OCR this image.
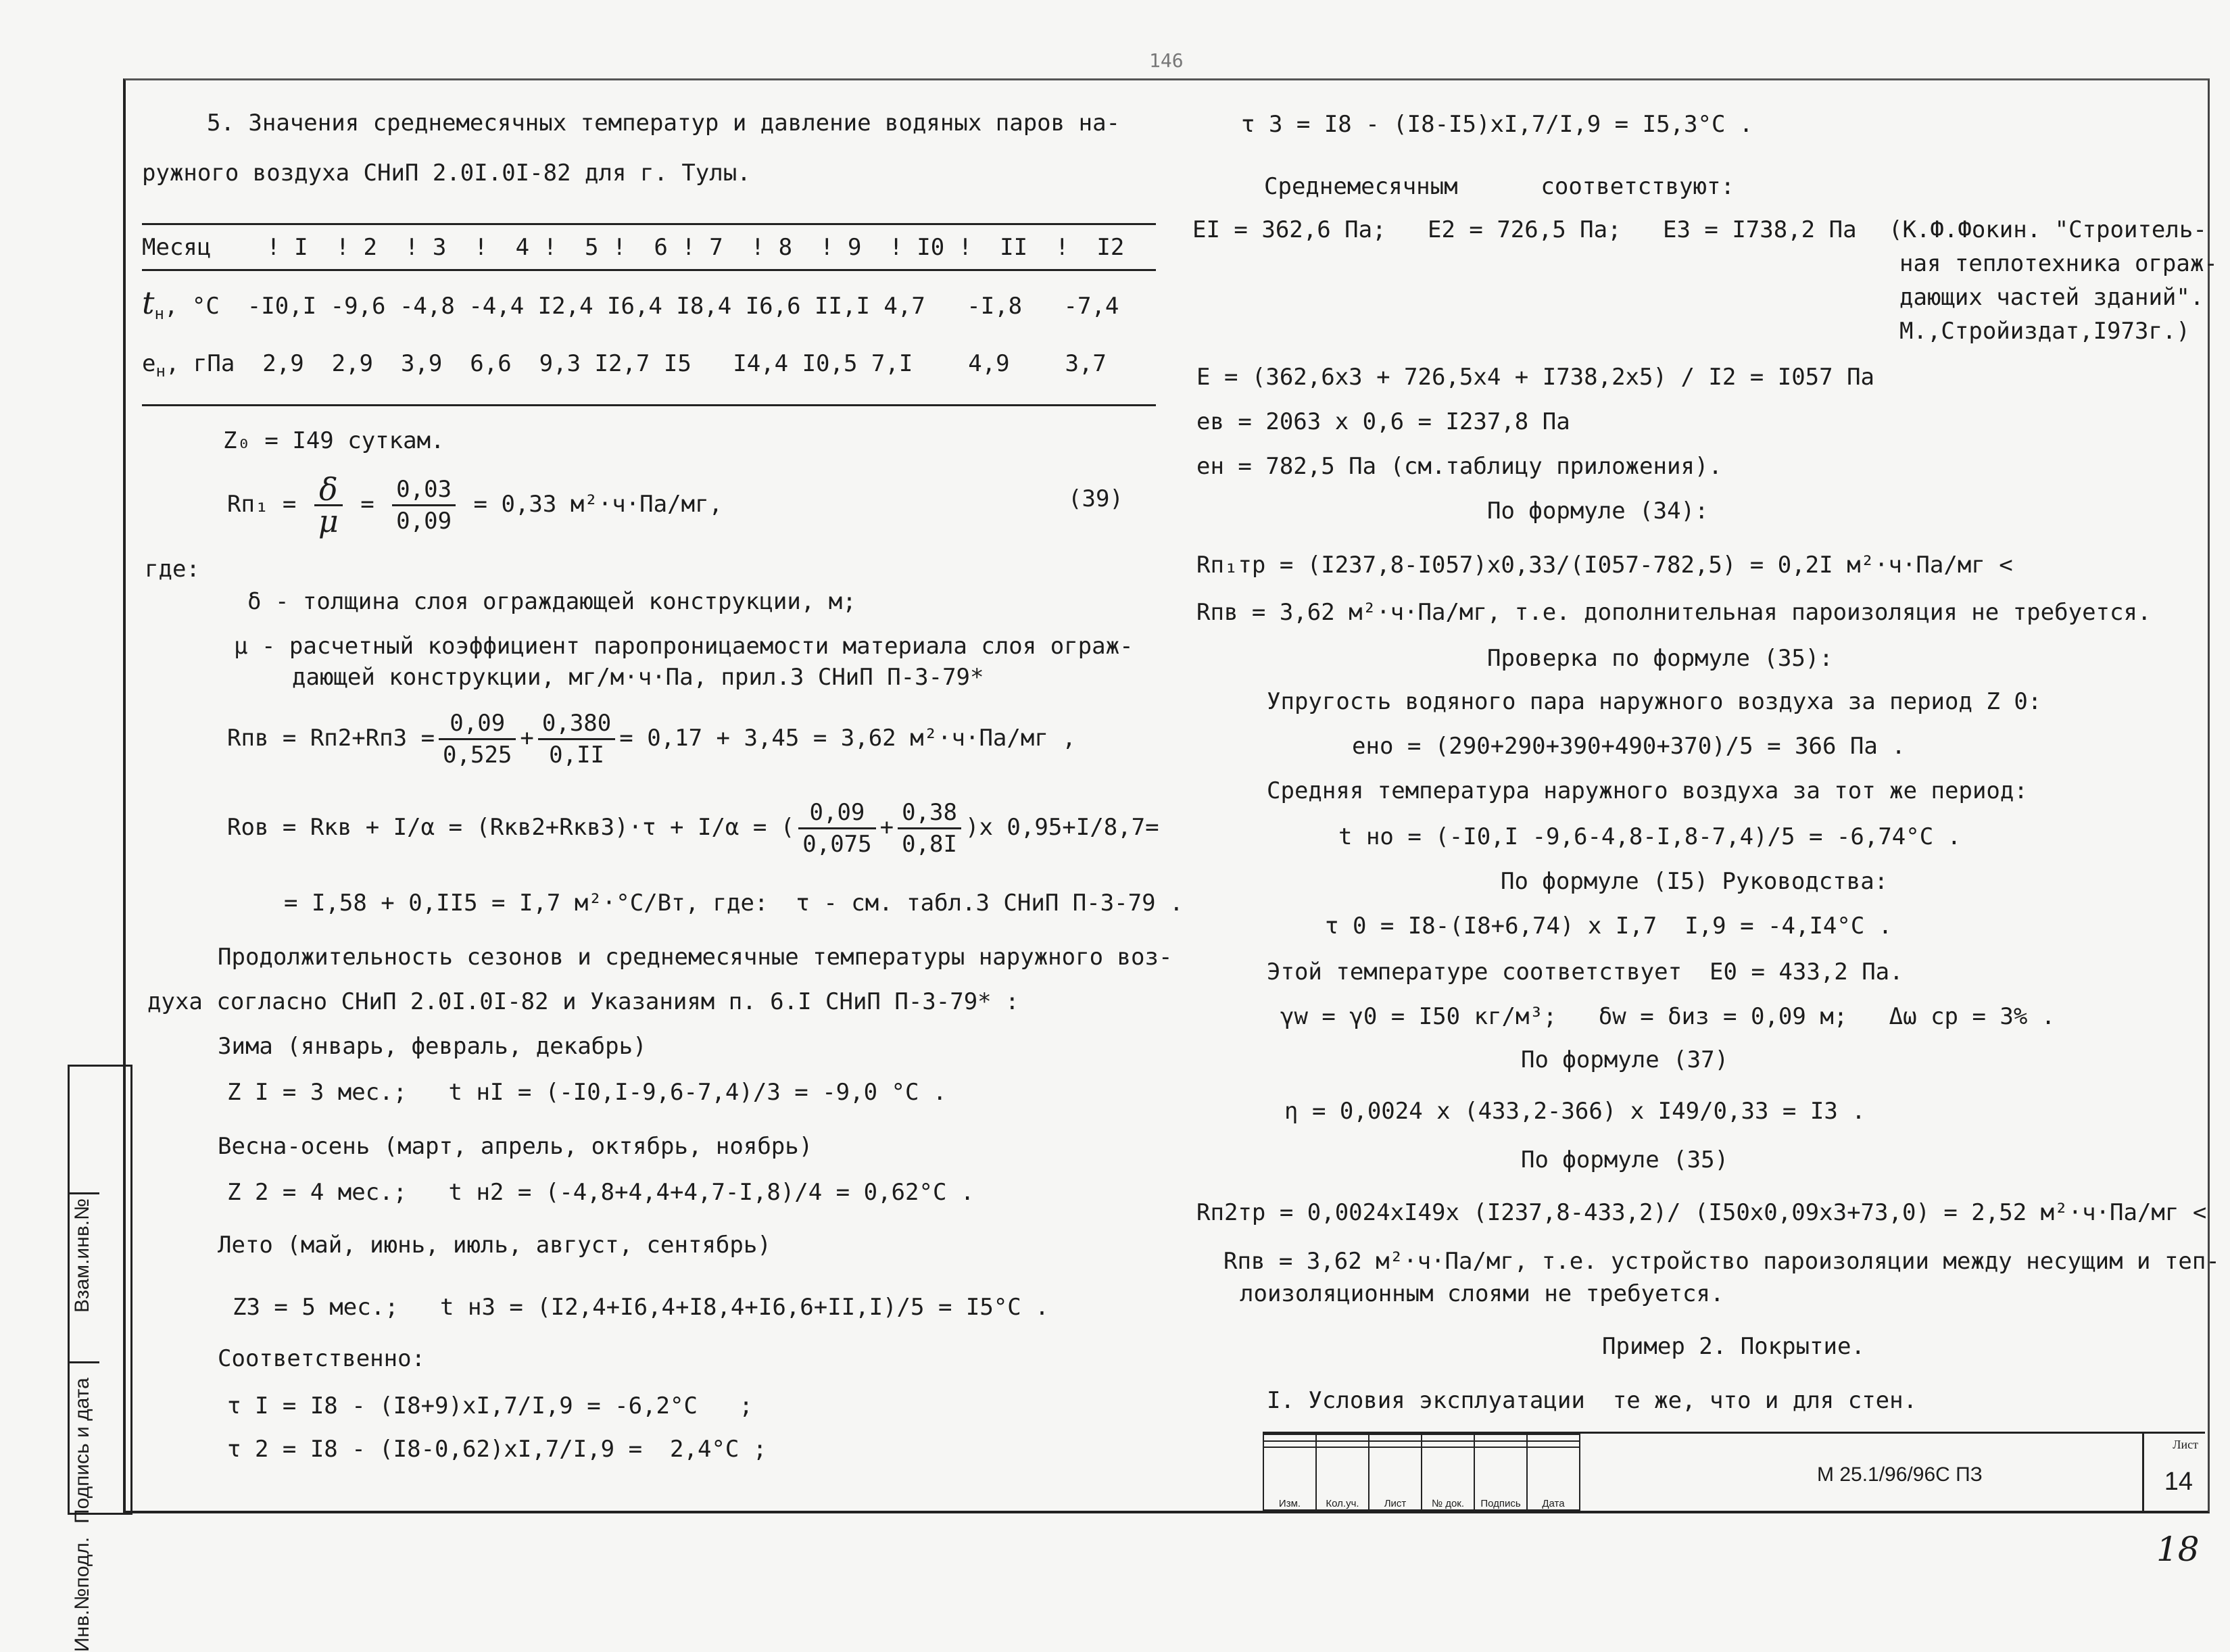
146
5. Значения среднемесячных температур и давление водяных паров на-
ружного воздуха СНиП 2.0I.0I-82 для г. Тулы.
Месяц    ! I  ! 2  ! 3  !  4 !  5 !  6 ! 7  ! 8  ! 9  ! I0 !  II  !  I2
$t_н$, °С -I0,I -9,6 -4,8 -4,4 I2,4 I6,4 I8,4 I6,6 II,I 4,7   -I,8   -7,4
$e_н$, гПа 2,9  2,9  3,9  6,6  9,3 I2,7 I5   I4,4 I0,5 7,I    4,9    3,7
Z₀ = I49 суткам.
$Rп_1 = \frac{\delta}{\mu} = \frac{0,03}{0,09} = 0,33$ м²·ч·Па/мг,	(39)
где:
δ - толщина слоя ограждающей конструкции, м;
μ - расчетный коэффициент паропроницаемости материала слоя ограж-
дающей конструкции, мг/м·ч·Па, прил.3 СНиП П-3-79*
Rпв = $Rп2+Rп3 = \frac{0,09}{0,525} + \frac{0,380}{0,II} = 0,17 + 3,45 = 3,62$ м²·ч·Па/мг ,
Rов = Rкв + I/α = (Rкв2+Rкв3)·τ + I/α = ( $\frac{0,09}{0,075} + \frac{0,38}{0,8I} )х$ 0,95+I/8,7=
= I,58 + 0,II5 = I,7 м²·°С/Вт, где:  τ - см. табл.3 СНиП П-3-79 .
Продолжительность сезонов и среднемесячные температуры наружного воз-
духа согласно СНиП 2.0I.0I-82 и Указаниям п. 6.I СНиП П-3-79* :
Зима (январь, февраль, декабрь)
Z I = 3 мес.;   t нI = (-I0,I-9,6-7,4)/3 = -9,0 °С .
Весна-осень (март, апрель, октябрь, ноябрь)
Z 2 = 4 мес.;   t н2 = (-4,8+4,4+4,7-I,8)/4 = 0,62°С .
Лето (май, июнь, июль, август, сентябрь)
Z3 = 5 мес.;   t н3 = (I2,4+I6,4+I8,4+I6,6+II,I)/5 = I5°С .
Соответственно:
τ I = I8 - (I8+9)хI,7/I,9 = -6,2°С   ;
τ 2 = I8 - (I8-0,62)хI,7/I,9 =  2,4°С ;
τ 3 = I8 - (I8-I5)хI,7/I,9 = I5,3°С .
Среднемесячным      соответствуют:
EI = 362,6 Па;   E2 = 726,5 Па;   E3 = I738,2 Па (К.Ф.Фокин. "Строитель-
ная теплотехника ограж-
дающих частей зданий".
М.,Стройиздат,I973г.)
E = (362,6х3 + 726,5х4 + I738,2х5) / I2 = I057 Па
eв = 2063 х 0,6 = I237,8 Па
eн = 782,5 Па (см.таблицу приложения).
По формуле (34):
Rп₁тр = (I237,8-I057)х0,33/(I057-782,5) = 0,2I м²·ч·Па/мг <
Rпв = 3,62 м²·ч·Па/мг, т.е. дополнительная пароизоляция не требуется.
Проверка по формуле (35):
Упругость водяного пара наружного воздуха за период Z 0:
eно = (290+290+390+490+370)/5 = 366 Па .
Средняя температура наружного воздуха за тот же период:
t но = (-I0,I -9,6-4,8-I,8-7,4)/5 = -6,74°С .
По формуле (I5) Руководства:
τ 0 = I8-(I8+6,74) х I,7  I,9 = -4,I4°С .
Этой температуре соответствует  E0 = 433,2 Па.
γw = γ0 = I50 кг/м³;   δw = δиз = 0,09 м;   Δω ср = 3% .
По формуле (37)
η = 0,0024 х (433,2-366) х I49/0,33 = I3 .
По формуле (35)
Rп2тр = 0,0024хI49х (I237,8-433,2)/ (I50х0,09х3+73,0) = 2,52 м²·ч·Па/мг <
Rпв = 3,62 м²·ч·Па/мг, т.е. устройство пароизоляции между несущим и теп-
лоизоляционным слоями не требуется.
Пример 2. Покрытие.
I. Условия эксплуатации  те же, что и для стен.
Взам.инв.№
Подпись и дата
Инв.№подл.

Изм.	Кол.уч.	Лист	№ док.	Подпись	Дата
М 25.1/96/96С ПЗ
Лист
14
18
